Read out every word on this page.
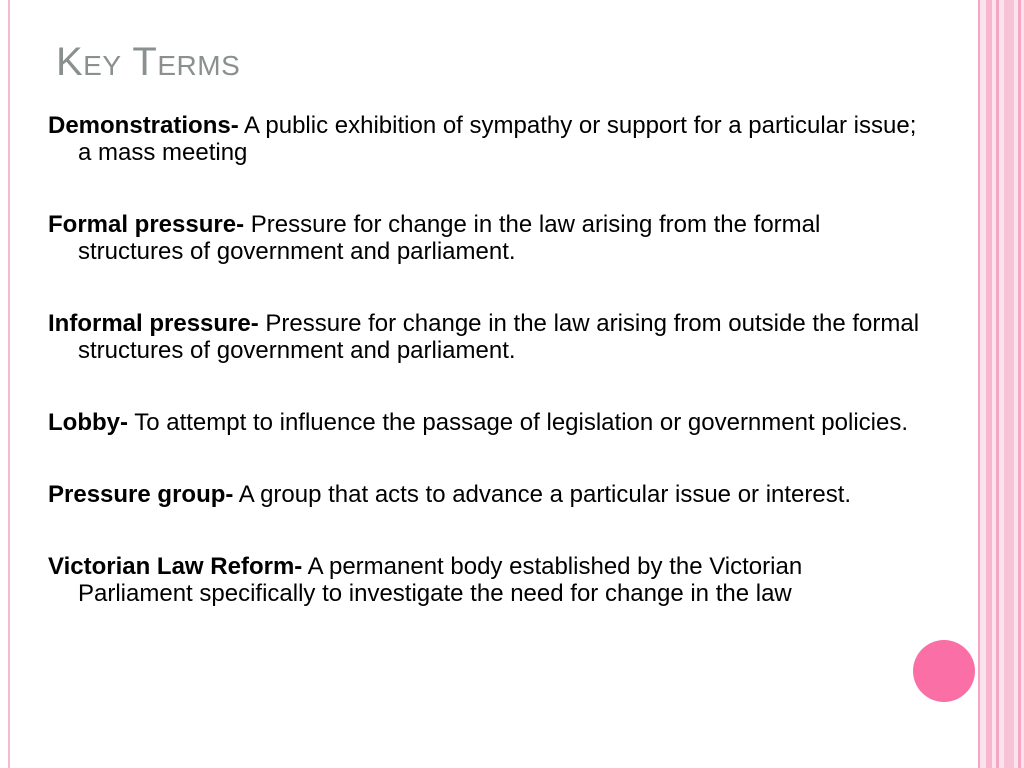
Key Terms
Demonstrations- A public exhibition of sympathy or support for a particular issue; a mass meeting
Formal pressure- Pressure for change in the law arising from the formal structures of government and parliament.
Informal pressure- Pressure for change in the law arising from outside the formal structures of government and parliament.
Lobby- To attempt to influence the passage of legislation or government policies.
Pressure group- A group that acts to advance a particular issue or interest.
Victorian Law Reform- A permanent body established by the Victorian Parliament specifically to investigate the need for change in the law
